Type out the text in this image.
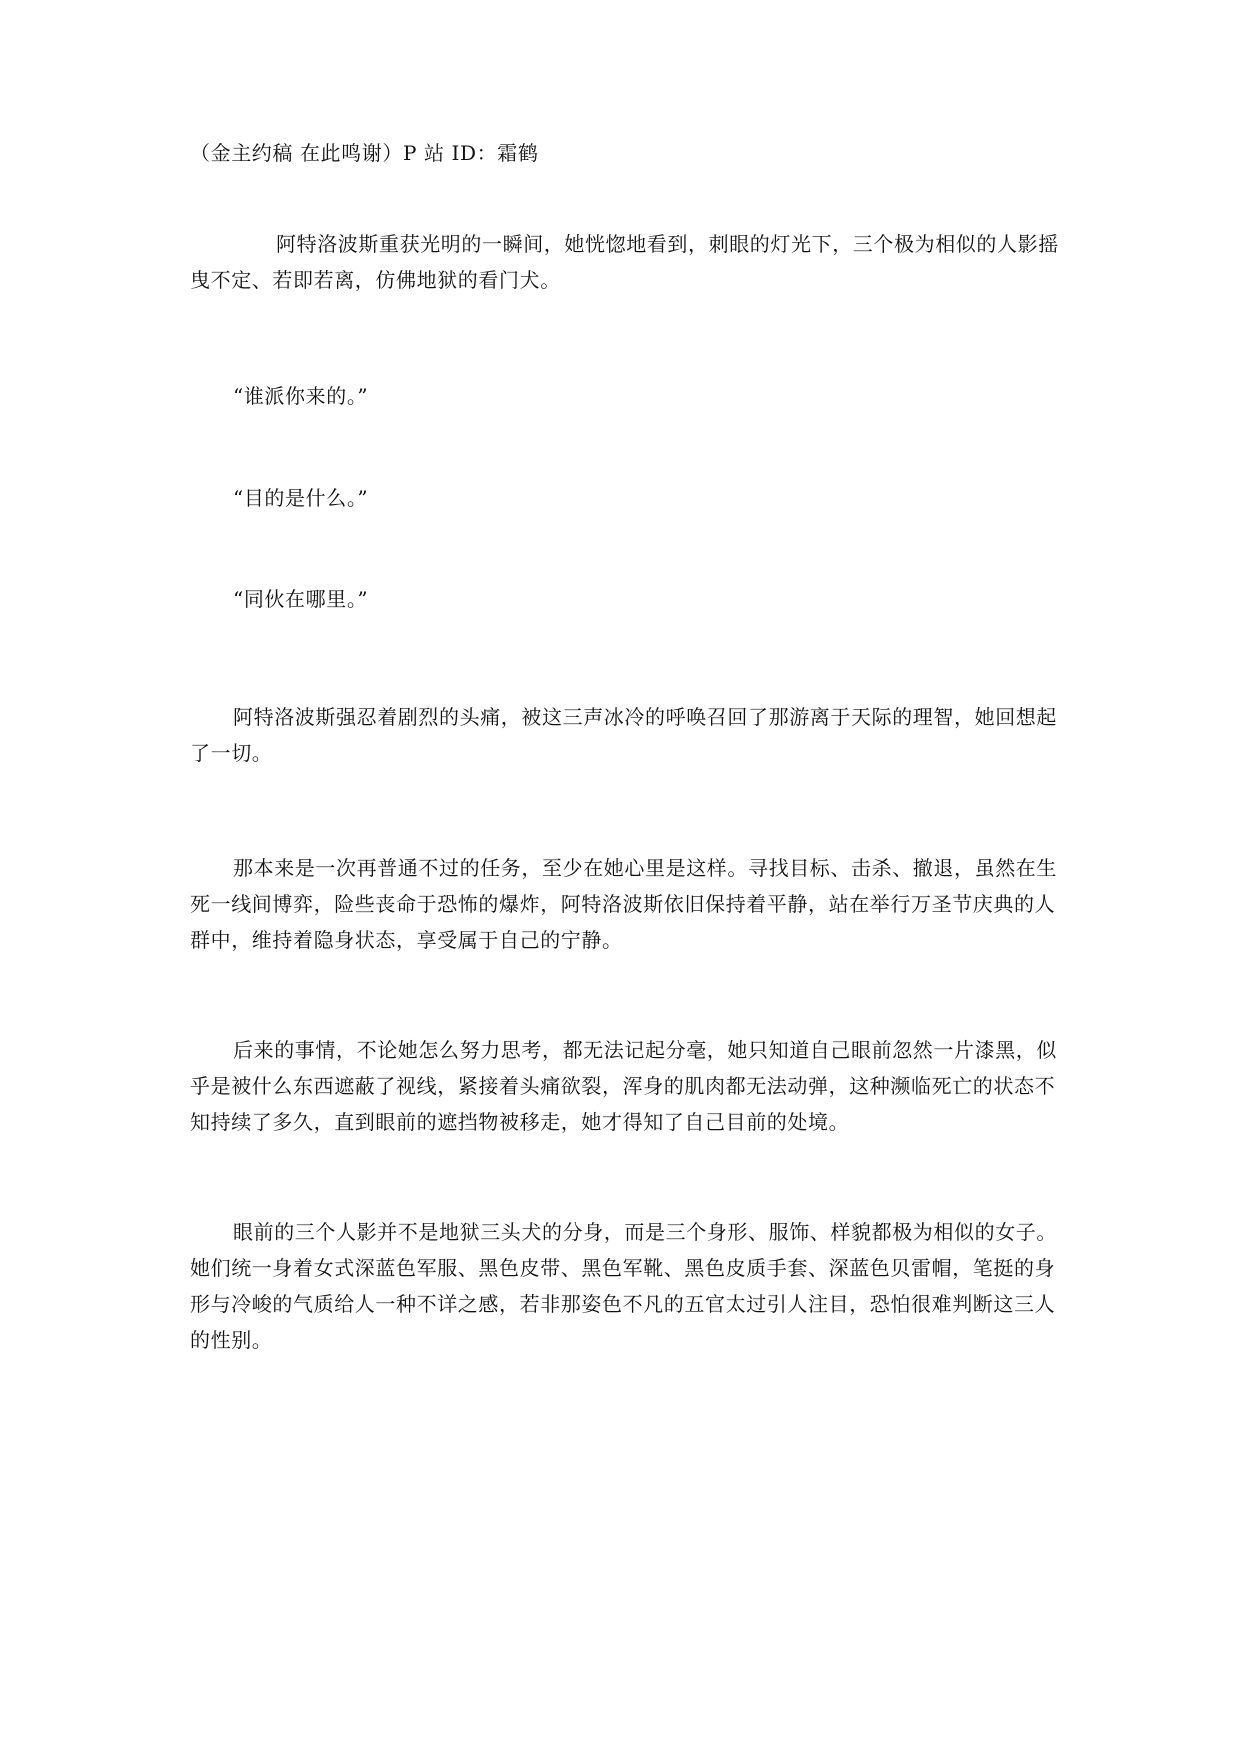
（金主约稿 在此鸣谢）P 站 ID：霜鹤

阿特洛波斯重获光明的一瞬间，她恍惚地看到，刺眼的灯光下，三个极为相似的人影摇曳不定、若即若离，仿佛地狱的看门犬。

“谁派你来的。”

“目的是什么。”

“同伙在哪里。”

阿特洛波斯强忍着剧烈的头痛，被这三声冰冷的呼唤召回了那游离于天际的理智，她回想起了一切。

那本来是一次再普通不过的任务，至少在她心里是这样。寻找目标、击杀、撤退，虽然在生死一线间博弈，险些丧命于恐怖的爆炸，阿特洛波斯依旧保持着平静，站在举行万圣节庆典的人群中，维持着隐身状态，享受属于自己的宁静。

后来的事情，不论她怎么努力思考，都无法记起分毫，她只知道自己眼前忽然一片漆黑，似乎是被什么东西遮蔽了视线，紧接着头痛欲裂，浑身的肌肉都无法动弹，这种濒临死亡的状态不知持续了多久，直到眼前的遮挡物被移走，她才得知了自己目前的处境。

眼前的三个人影并不是地狱三头犬的分身，而是三个身形、服饰、样貌都极为相似的女子。她们统一身着女式深蓝色军服、黑色皮带、黑色军靴、黑色皮质手套、深蓝色贝雷帽，笔挺的身形与冷峻的气质给人一种不详之感，若非那姿色不凡的五官太过引人注目，恐怕很难判断这三人的性别。
